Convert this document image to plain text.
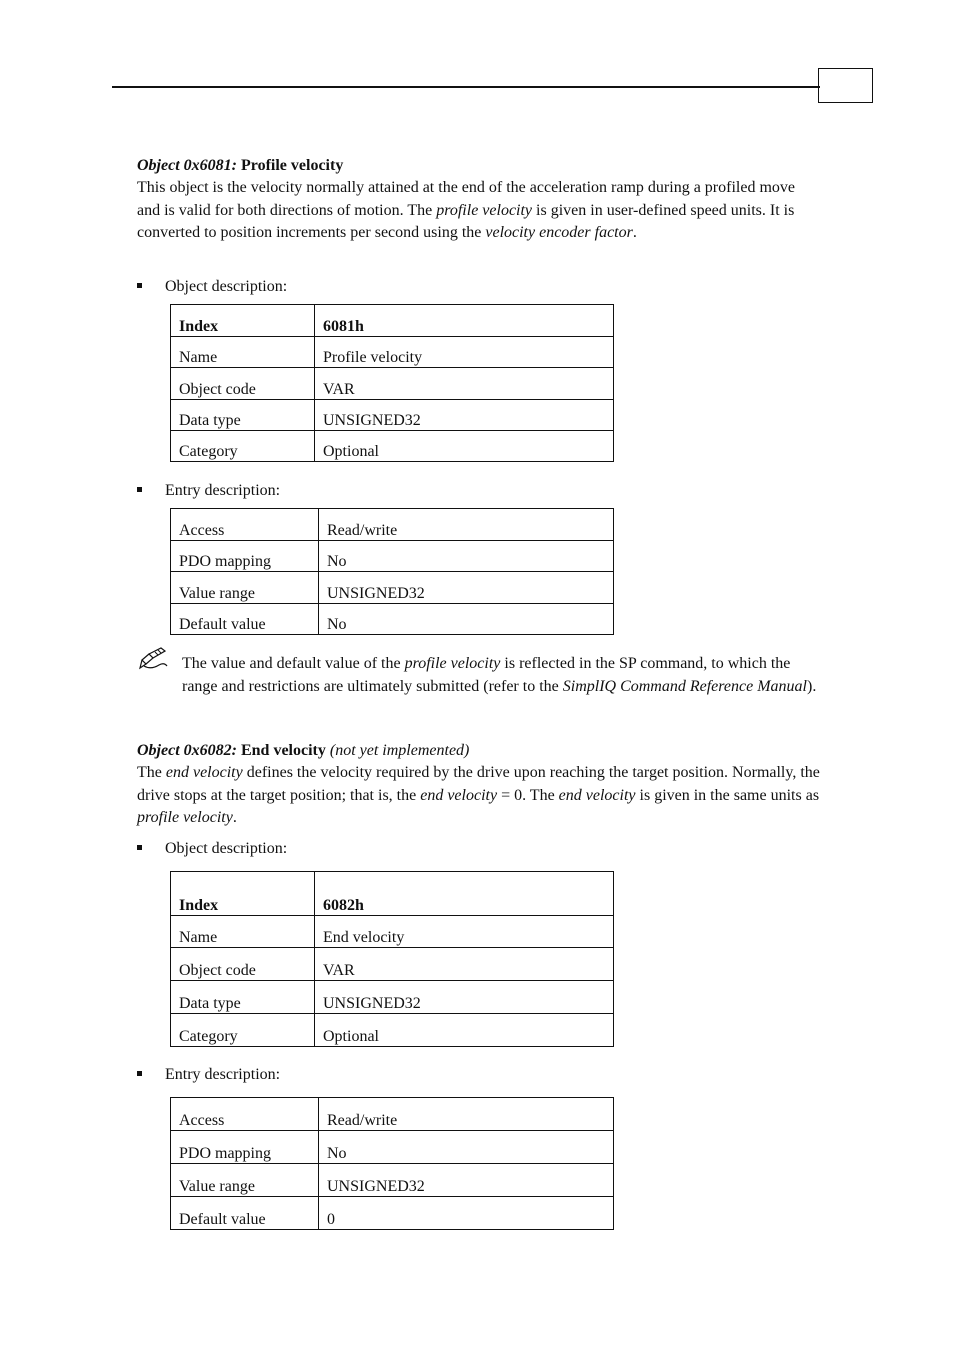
Object 0x6081: Profile velocity

This object is the velocity normally attained at the end of the acceleration ramp during a profiled move and is valid for both directions of motion. The profile velocity is given in user-defined speed units. It is converted to position increments per second using the velocity encoder factor.

Object description:
Index	6081h
Name	Profile velocity
Object code	VAR
Data type	UNSIGNED32
Category	Optional
Entry description:
Access	Read/write
PDO mapping	No
Value range	UNSIGNED32
Default value	No

The value and default value of the profile velocity is reflected in the SP command, to which the range and restrictions are ultimately submitted (refer to the SimplIQ Command Reference Manual).

Object 0x6082: End velocity (not yet implemented)

The end velocity defines the velocity required by the drive upon reaching the target position. Normally, the drive stops at the target position; that is, the end velocity = 0. The end velocity is given in the same units as profile velocity.

Object description:
Index	6082h
Name	End velocity
Object code	VAR
Data type	UNSIGNED32
Category	Optional
Entry description:
Access	Read/write
PDO mapping	No
Value range	UNSIGNED32
Default value	0
